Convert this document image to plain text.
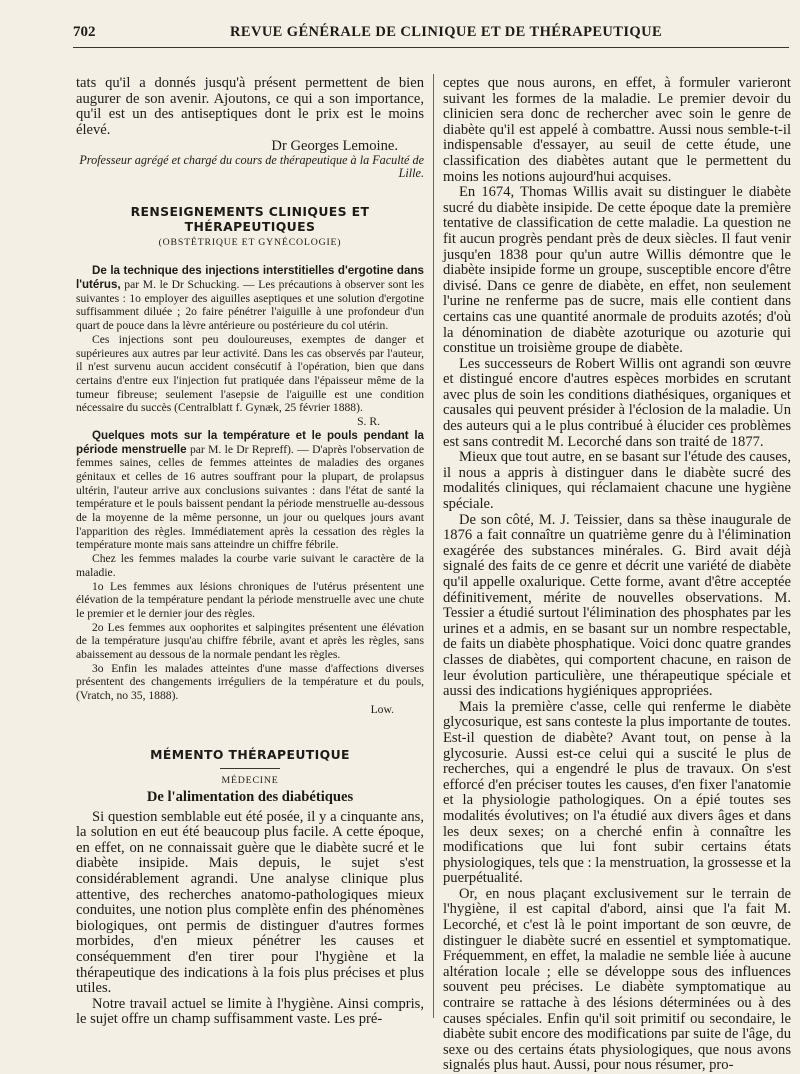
702	REVUE GÉNÉRALE DE CLINIQUE ET DE THÉRAPEUTIQUE

tats qu'il a donnés jusqu'à présent permettent de bien augurer de son avenir. Ajoutons, ce qui a son importance, qu'il est un des antiseptiques dont le prix est le moins élevé.

Dr Georges Lemoine.
Professeur agrégé et chargé du cours de thérapeutique à la Faculté de Lille.
RENSEIGNEMENTS CLINIQUES ET THÉRAPEUTIQUES
(OBSTÉTRIQUE ET GYNÉCOLOGIE)

De la technique des injections interstitielles d'ergotine dans l'utérus, par M. le Dr Schucking. — Les précautions à observer sont les suivantes : 1o employer des aiguilles aseptiques et une solution d'ergotine suffisamment diluée ; 2o faire pénétrer l'aiguille à une profondeur d'un quart de pouce dans la lèvre antérieure ou postérieure du col utérin.

Ces injections sont peu douloureuses, exemptes de danger et supérieures aux autres par leur activité. Dans les cas observés par l'auteur, il n'est survenu aucun accident consécutif à l'opération, bien que dans certains d'entre eux l'injection fut pratiquée dans l'épaisseur même de la tumeur fibreuse; seulement l'asepsie de l'aiguille est une condition nécessaire du succès (Centralblatt f. Gynæk, 25 février 1888).

S. R.

Quelques mots sur la température et le pouls pendant la période menstruelle par M. le Dr Repreff). — D'après l'observation de femmes saines, celles de femmes atteintes de maladies des organes génitaux et celles de 16 autres souffrant pour la plupart, de prolapsus ultérin, l'auteur arrive aux conclusions suivantes : dans l'état de santé la température et le pouls baissent pendant la période menstruelle au-dessous de la moyenne de la même personne, un jour ou quelques jours avant l'apparition des règles. Immédiatement après la cessation des règles la température monte mais sans atteindre un chiffre fébrile.

Chez les femmes malades la courbe varie suivant le caractère de la maladie.

1o Les femmes aux lésions chroniques de l'utérus présentent une élévation de la température pendant la période menstruelle avec une chute le premier et le dernier jour des règles.

2o Les femmes aux oophorites et salpingites présentent une élévation de la température jusqu'au chiffre fébrile, avant et après les règles, sans abaissement au dessous de la normale pendant les règles.

3o Enfin les malades atteintes d'une masse d'affections diverses présentent des changements irréguliers de la température et du pouls, (Vratch, no 35, 1888).

Low.
MÉMENTO THÉRAPEUTIQUE
MÉDECINE
De l'alimentation des diabétiques

Si question semblable eut été posée, il y a cinquante ans, la solution en eut été beaucoup plus facile. A cette époque, en effet, on ne connaissait guère que le diabète sucré et le diabète insipide. Mais depuis, le sujet s'est considérablement agrandi. Une analyse clinique plus attentive, des recherches anatomo-pathologiques mieux conduites, une notion plus complète enfin des phénomènes biologiques, ont permis de distinguer d'autres formes morbides, d'en mieux pénétrer les causes et conséquemment d'en tirer pour l'hygiène et la thérapeutique des indications à la fois plus précises et plus utiles.

Notre travail actuel se limite à l'hygiène. Ainsi compris, le sujet offre un champ suffisamment vaste. Les pré-

ceptes que nous aurons, en effet, à formuler varieront suivant les formes de la maladie. Le premier devoir du clinicien sera donc de rechercher avec soin le genre de diabète qu'il est appelé à combattre. Aussi nous semble-t-il indispensable d'essayer, au seuil de cette étude, une classification des diabètes autant que le permettent du moins les notions aujourd'hui acquises.

En 1674, Thomas Willis avait su distinguer le diabète sucré du diabète insipide. De cette époque date la première tentative de classification de cette maladie. La question ne fit aucun progrès pendant près de deux siècles. Il faut venir jusqu'en 1838 pour qu'un autre Willis démontre que le diabète insipide forme un groupe, susceptible encore d'être divisé. Dans ce genre de diabète, en effet, non seulement l'urine ne renferme pas de sucre, mais elle contient dans certains cas une quantité anormale de produits azotés; d'où la dénomination de diabète azoturique ou azoturie qui constitue un troisième groupe de diabète.

Les successeurs de Robert Willis ont agrandi son œuvre et distingué encore d'autres espèces morbides en scrutant avec plus de soin les conditions diathésiques, organiques et causales qui peuvent présider à l'éclosion de la maladie. Un des auteurs qui a le plus contribué à élucider ces problèmes est sans contredit M. Lecorché dans son traité de 1877.

Mieux que tout autre, en se basant sur l'étude des causes, il nous a appris à distinguer dans le diabète sucré des modalités cliniques, qui réclamaient chacune une hygiène spéciale.

De son côté, M. J. Teissier, dans sa thèse inaugurale de 1876 a fait connaître un quatrième genre du à l'élimination exagérée des substances minérales. G. Bird avait déjà signalé des faits de ce genre et décrit une variété de diabète qu'il appelle oxalurique. Cette forme, avant d'être acceptée définitivement, mérite de nouvelles observations. M. Tessier a étudié surtout l'élimination des phosphates par les urines et a admis, en se basant sur un nombre respectable, de faits un diabète phosphatique. Voici donc quatre grandes classes de diabètes, qui comportent chacune, en raison de leur évolution particulière, une thérapeutique spéciale et aussi des indications hygiéniques appropriées.

Mais la première c'asse, celle qui renferme le diabète glycosurique, est sans conteste la plus importante de toutes. Est-il question de diabète? Avant tout, on pense à la glycosurie. Aussi est-ce celui qui a suscité le plus de recherches, qui a engendré le plus de travaux. On s'est efforcé d'en préciser toutes les causes, d'en fixer l'anatomie et la physiologie pathologiques. On a épié toutes ses modalités évolutives; on l'a étudié aux divers âges et dans les deux sexes; on a cherché enfin à connaître les modifications que lui font subir certains états physiologiques, tels que : la menstruation, la grossesse et la puerpétualité.

Or, en nous plaçant exclusivement sur le terrain de l'hygiène, il est capital d'abord, ainsi que l'a fait M. Lecorché, et c'est là le point important de son œuvre, de distinguer le diabète sucré en essentiel et symptomatique. Fréquemment, en effet, la maladie ne semble liée à aucune altération locale ; elle se développe sous des influences souvent peu précises. Le diabète symptomatique au contraire se rattache à des lésions déterminées ou à des causes spéciales. Enfin qu'il soit primitif ou secondaire, le diabète subit encore des modifications par suite de l'âge, du sexe ou des certains états physiologiques, que nous avons signalés plus haut. Aussi, pour nous résumer, pro-
